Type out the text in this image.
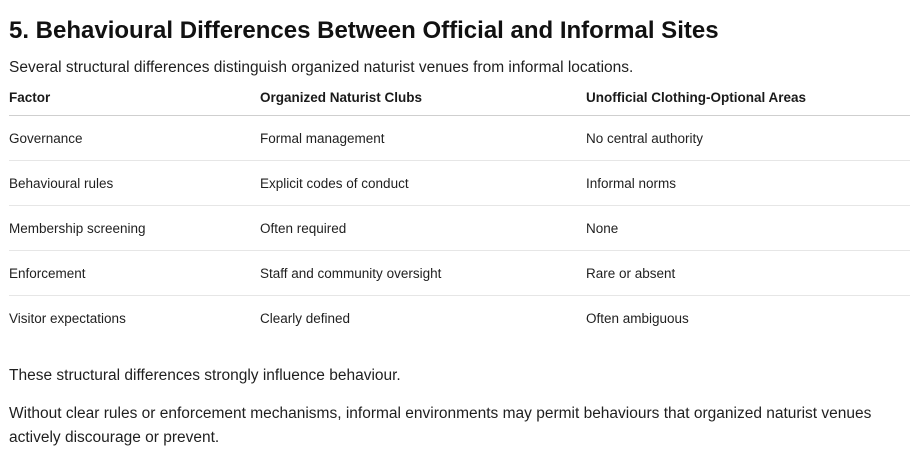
5. Behavioural Differences Between Official and Informal Sites

Several structural differences distinguish organized naturist venues from informal locations.

Factor	Organized Naturist Clubs	Unofficial Clothing-Optional Areas
Governance	Formal management	No central authority
Behavioural rules	Explicit codes of conduct	Informal norms
Membership screening	Often required	None
Enforcement	Staff and community oversight	Rare or absent
Visitor expectations	Clearly defined	Often ambiguous

These structural differences strongly influence behaviour.

Without clear rules or enforcement mechanisms, informal environments may permit behaviours that organized naturist venues actively discourage or prevent.
